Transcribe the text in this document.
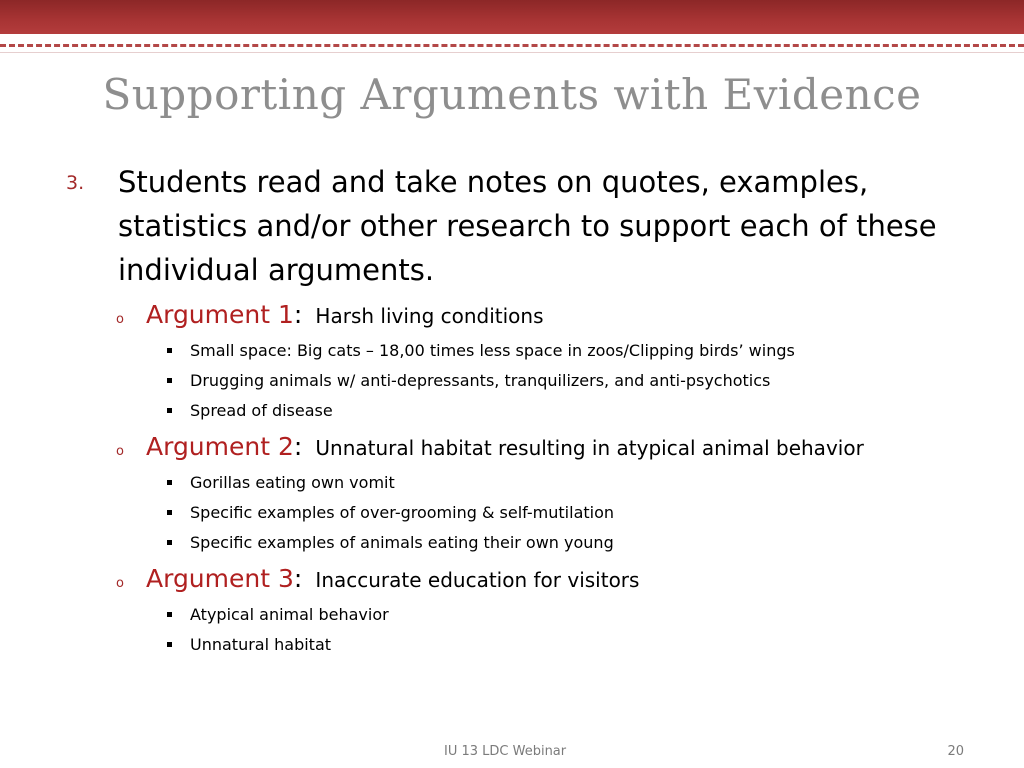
Supporting Arguments with Evidence
3. Students read and take notes on quotes, examples, statistics and/or other research to support each of these individual arguments.
o Argument 1: Harsh living conditions
Small space: Big cats – 18,00 times less space in zoos/Clipping birds’ wings
Drugging animals w/ anti-depressants, tranquilizers, and anti-psychotics
Spread of disease
o Argument 2: Unnatural habitat resulting in atypical animal behavior
Gorillas eating own vomit
Specific examples of over-grooming & self-mutilation
Specific examples of animals eating their own young
o Argument 3: Inaccurate education for visitors
Atypical animal behavior
Unnatural habitat
IU 13 LDC Webinar	20
